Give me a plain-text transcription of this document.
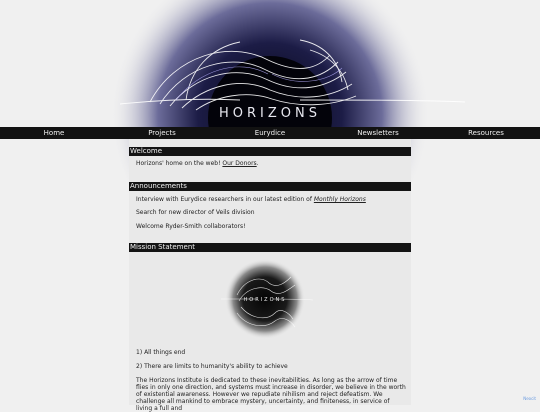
HORIZONS
Home	Projects	Eurydice	Newsletters	Resources
Welcome
Horizons' home on the web! Our Donors.
Announcements
Interview with Eurydice researchers in our latest edition of Monthly Horizons
Search for new director of Veils division
Welcome Ryder-Smith collaborators!
Mission Statement
HORIZONS
1) All things end
2) There are limits to humanity's ability to achieve
The Horizons Institute is dedicated to these inevitabilities. As long as the arrow of time flies in only one direction, and systems must increase in disorder, we believe in the worth of existential awareness. However we repudiate nihilism and reject defeatism. We challenge all mankind to embrace mystery, uncertainty, and finiteness, in service of living a full and
Neocit
